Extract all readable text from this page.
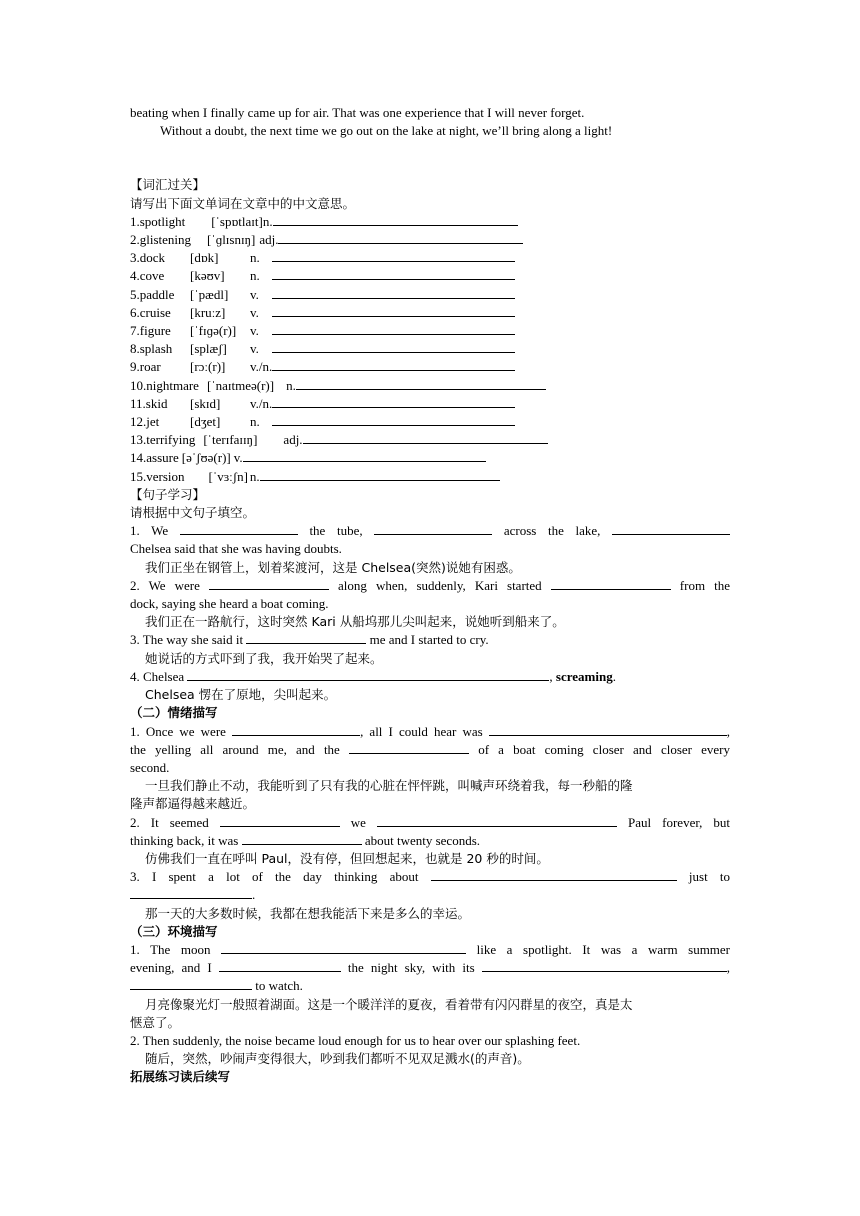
beating when I finally came up for air. That was one experience that I will never forget.
Without a doubt, the next time we go out on the lake at night, we’ll bring along a light!
【词汇过关】
请写出下面文单词在文章中的中文意思。
1.spotlight	[ˈspɒtlaɪt]	n.	
2.glistening	[ˈɡlɪsnɪŋ]	adj.	
3.dock	[dɒk]	n.	
4.cove	[kəʊv]	n.	
5.paddle	[ˈpædl]	v.	
6.cruise	[kruːz]	v.	
7.figure	[ˈfɪɡə(r)]	v.	
8.splash	[splæʃ]	v.	
9.roar	[rɔː(r)]	v./n.	
10.nightmare	[ˈnaɪtmeə(r)]	n.	
11.skid	[skɪd]	v./n.	
12.jet	[dʒet]	n.	
13.terrifying	[ˈterɪfaɪɪŋ]	adj.	
14.assure	[əˈʃʊə(r)]	v.	
15.version	[ˈvɜːʃn]	n.	
【句子学习】
请根据中文句子填空。
1. We	the tube,	across the lake,
Chelsea said that she was having doubts.
我们正坐在钢管上，划着桨渡河，这是 Chelsea(突然)说她有困惑。
2. We were	along when, suddenly, Kari started	from the
dock, saying she heard a boat coming.
我们正在一路航行，这时突然 Kari 从船坞那儿尖叫起来，说她听到船来了。
3. The way she said it	me and I started to cry.
她说话的方式吓到了我，我开始哭了起来。
4. Chelsea	, screaming.
Chelsea 愣在了原地，尖叫起来。
（二）情绪描写
1. Once we were	, all I could hear was	,
the yelling all around me, and the	of a boat coming closer and closer every
second.
一旦我们静止不动，我能听到了只有我的心脏在怦怦跳，叫喊声环绕着我，每一秒船的隆
隆声都逼得越来越近。
2. It seemed	we	Paul forever, but
thinking back, it was	about twenty seconds.
仿佛我们一直在呼叫 Paul，没有停，但回想起来，也就是 20 秒的时间。
3. I spent a lot of the day thinking about	just to
.
那一天的大多数时候，我都在想我能活下来是多么的幸运。
（三）环境描写
1. The moon	like a spotlight. It was a warm summer
evening, and I	the night sky, with its	,
to watch.
月亮像聚光灯一般照着湖面。这是一个暖洋洋的夏夜，看着带有闪闪群星的夜空，真是太
惬意了。
2. Then suddenly, the noise became loud enough for us to hear over our splashing feet.
随后，突然，吵闹声变得很大，吵到我们都听不见双足溅水(的声音)。
拓展练习读后续写
